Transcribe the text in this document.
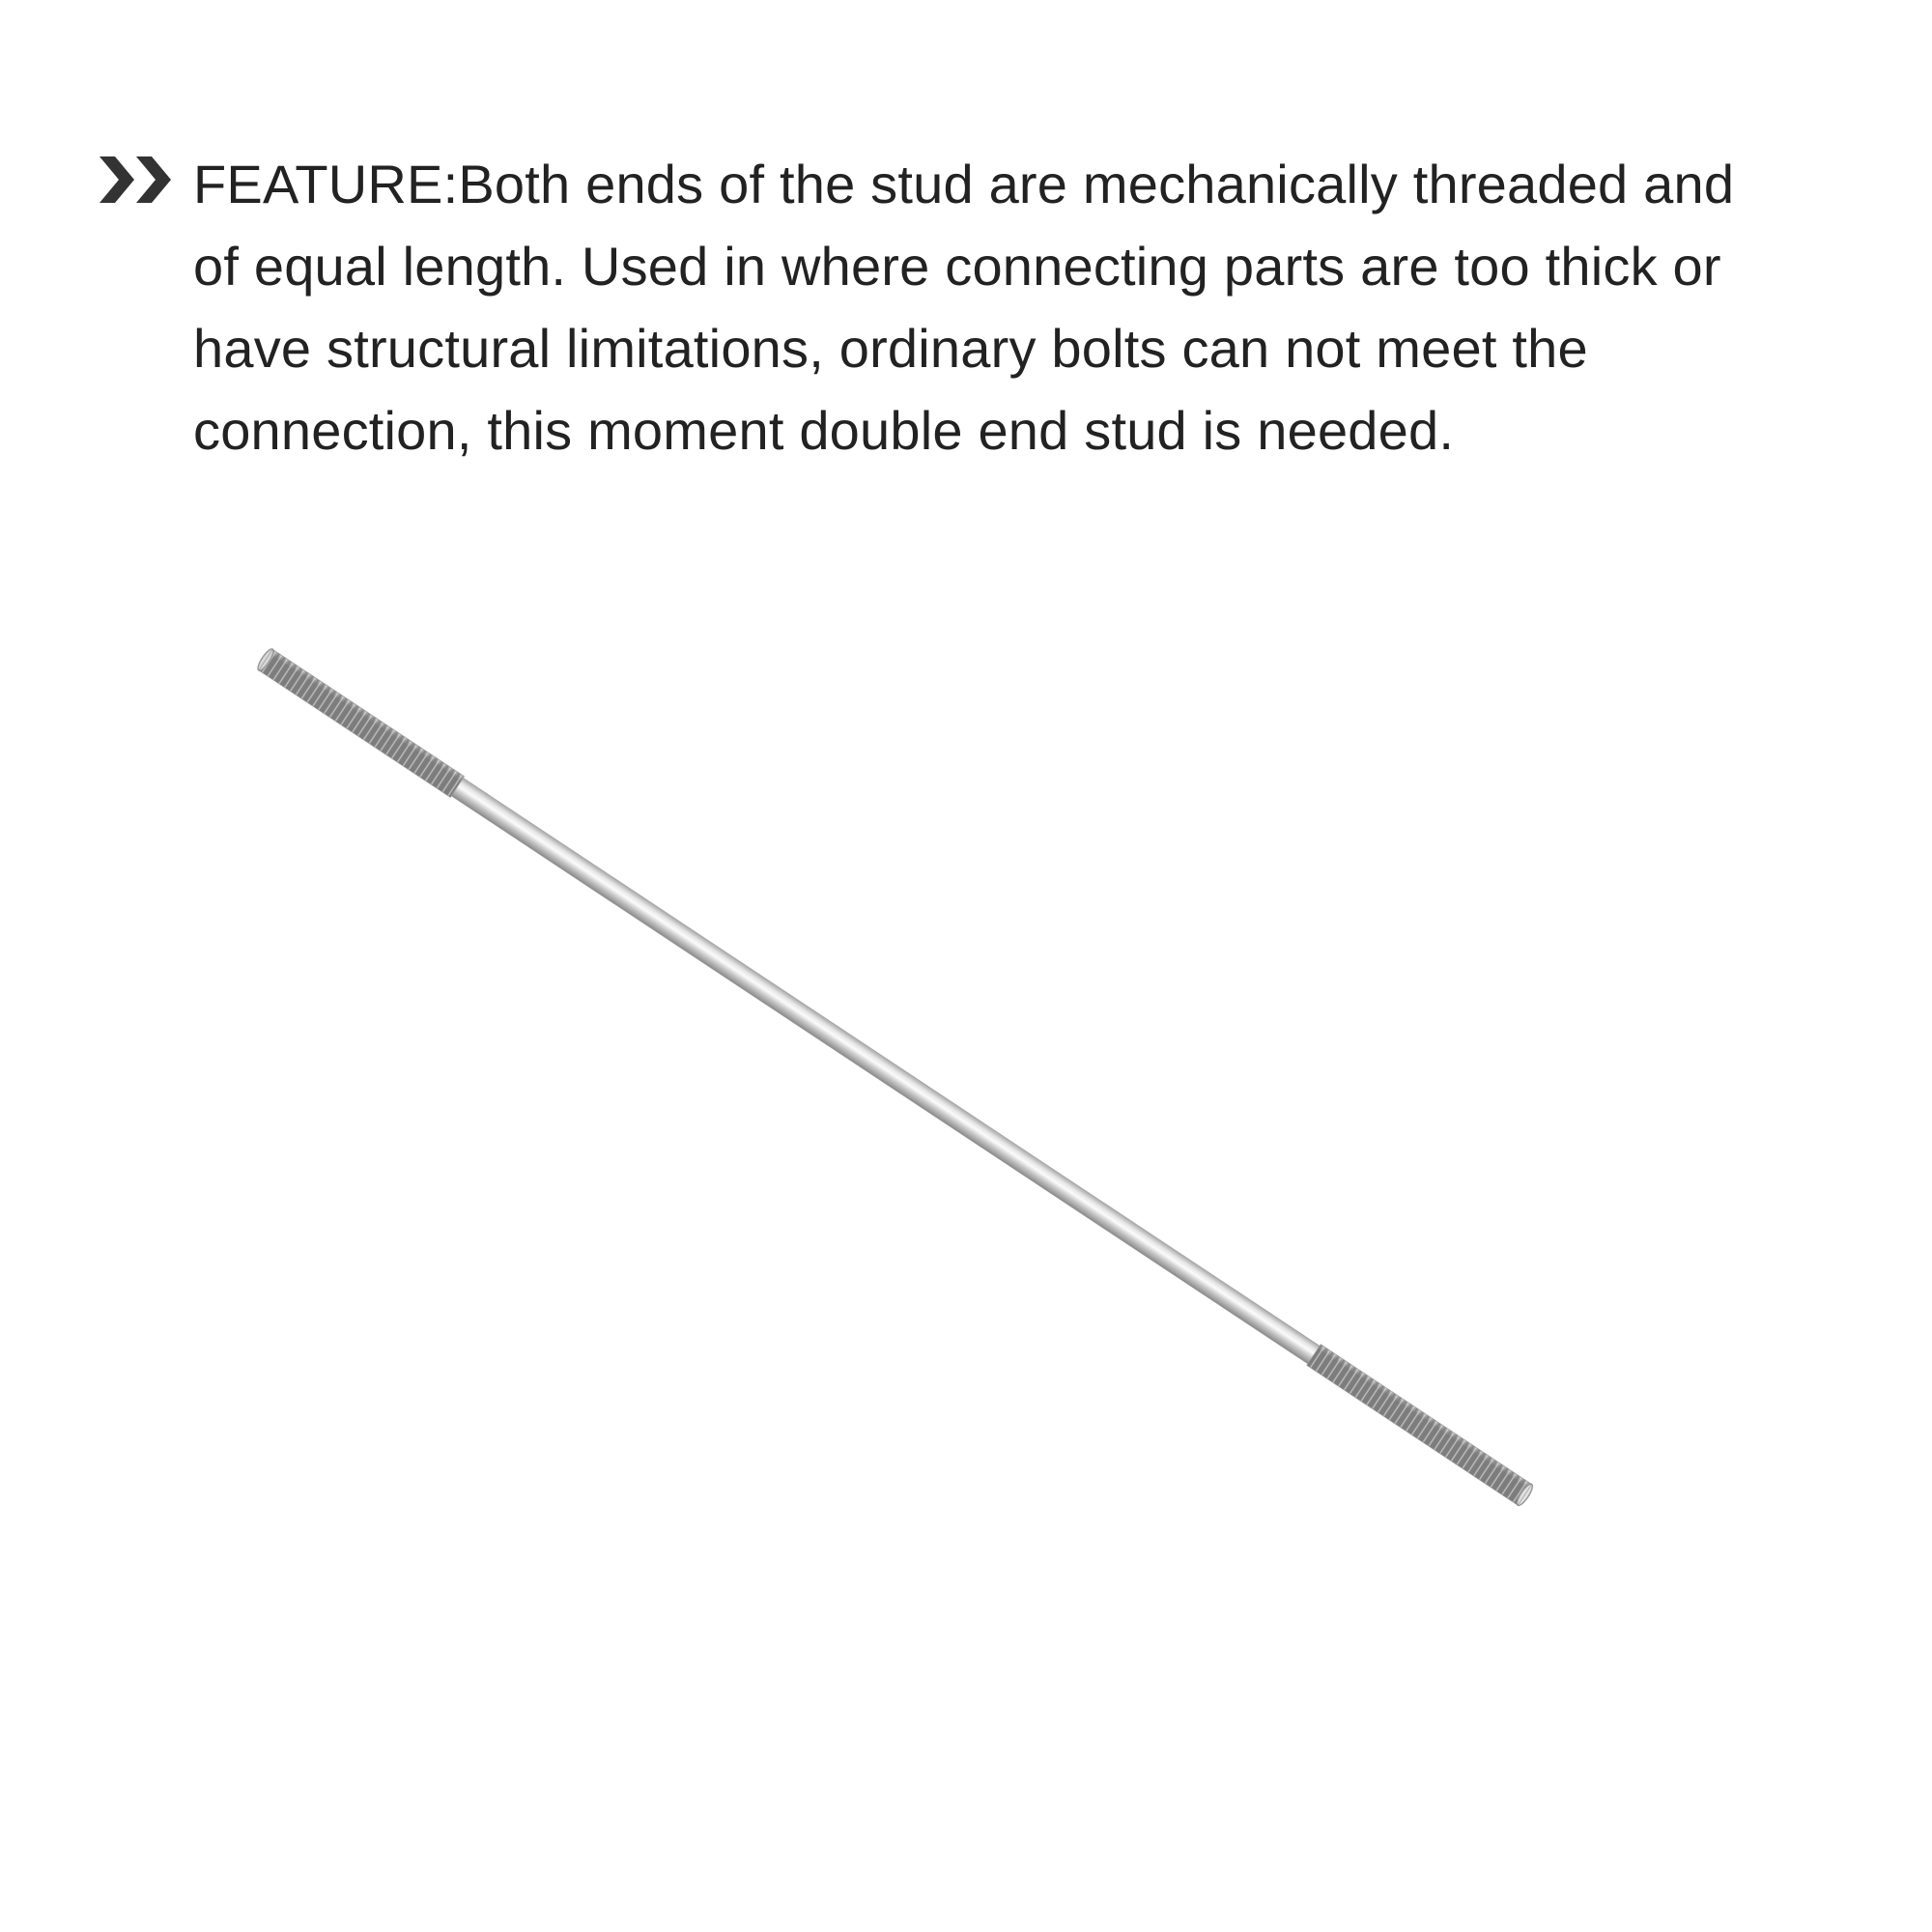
FEATURE:Both ends of the stud are mechanically threaded and
of equal length. Used in where connecting parts are too thick or
have structural limitations, ordinary bolts can not meet the
connection, this moment double end stud is needed.
